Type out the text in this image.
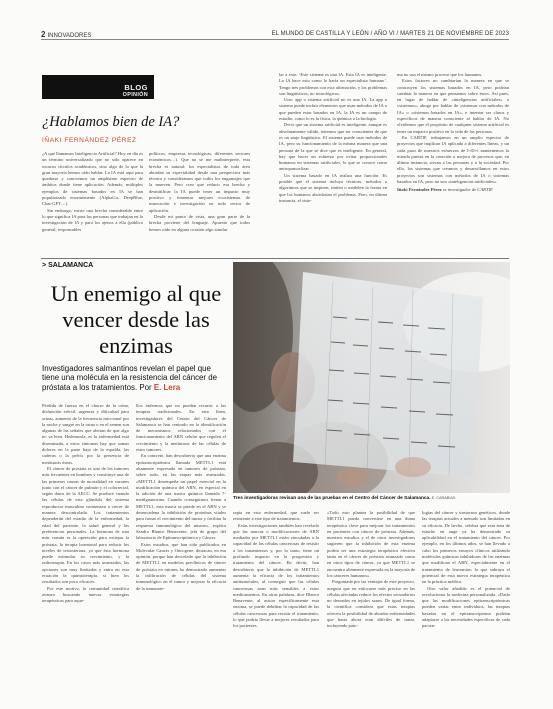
2 INNOVADORES	EL MUNDO DE CASTILLA Y LEÓN / AÑO VI / MARTES 21 DE NOVIEMBRE DE 2023
BLOG
OPINIÓN
¿Hablamos bien de IA?
IÑAKI FERNÁNDEZ PÉREZ

¿A qué llamamos Inteligencia Artificial? Hoy en día es un término universalizado que no sólo aparece en oscuros círculos académicos, sino algo de lo que la gran mayoría hemos oído hablar. La IA está aquí para quedarse y conocemos un amplísimo espectro de ámbitos donde tiene aplicación. Además, múltiples ejemplos de sistemas basados en IA se han popularizado enormemente (AlphaGo, DeepBlue, Chat-GPT…).

Sin embargo, existe una brecha considerable entre lo que significa IA para las personas que trabajan en la investigación de IA y para los ajenos a ella (público general, responsables

políticos, empresas tecnológicas, diferentes sectores económicos…). Que no se me malinterprete, esta brecha es natural: los especialistas de toda área abordan su especialidad desde una perspectiva más técnica y consideramos que todos los engranajes que la mueven. Pero creo que reducir esa brecha y desmitificar la IA puede tener un impacto muy positivo y fomentar mejores ecosistemas de innovación e investigación en todo sector de aplicación.

Desde mi punto de vista, una gran parte de la brecha proviene del lenguaje. Apuesto que todos hemos oído en alguna ocasión algo similar

lar a esto: ‘Este sistema es una IA. Esta IA es inteligente. La IA hace esto como lo haría un especialista humano’. Tengo tres problemas con esta afirmación, y los problemas son lingüísticos, no tecnológicos.

Uno: app o sistema artificial no es una IA. La app o sistema puede incluir elementos que usan métodos de IA o que pueden estar basados en IA, la IA es un campo de estudio, como lo es la física, la química o la biología.

Decir que un sistema artificial es inteligente, aunque es absolutamente válido, tenemos que ser conscientes de que es un atajo lingüístico. El sistema puede usar métodos de IA, pero su funcionamiento de la misma manera que una persona de la que se dice que es inteligente. En general, hay que hacer un esfuerzo por evitar proporcionales humanos en sistemas artificiales, lo que se conoce como antropomorfizar.

Un sistema basado en IA realiza una función. Es posible que el sistema incluya técnicas, métodos o algoritmos que se inspiren, imiten o modelen la forma en que los humanos abordarían el problema. Pero, en última instancia, el siste-

ma no usa el mismo proceso que los humanos.

Estos factores no cambiarían la manera en que se construyen los sistemas basados en IA, pero podrían cambiar la manera en que pensamos sobre éstos. Así pues, en lugar de hablar de «inteligencias artificiales» o «sistemas», abogo por hablar de «sistemas con métodos de IA» o «sistemas basados en IA», e intentar ser claros y específicos de manera consciente al hablar de IA. No olvidemos que el propósito de cualquier sistema artificial es tener un impacto positivo en la vida de las personas.

En CARTIF, trabajamos en un amplio espectro de proyectos que implican IA aplicada a diferentes líneas, y un cada paso de nuestros esfuerzos de I+D+i mantenemos la mirada puesta en la creación o mejora de procesos que, en última instancia, sirvan a las personas y a la sociedad. Por ello, los sistemas que creamos y desarrollamos en estos proyectos son sistemas con métodos de IA o sistemas basados en IA, pero no son «inteligencias artificiales».

Iñaki Fernández Pérez es investigador de CARTIF.

> SALAMANCA
Un enemigo al que vencer desde las enzimas
Investigadores salmantinos revelan el papel que tiene una molécula en la resistencia del cáncer de próstata a los tratamientos. Por E. Lera
Tres investigadoras revisan una de las pruebas en el Centro del Cáncer de Salamanca. E. CARABIAS

Pérdida de fuerza en el chorro de la orina, disfunción eréctil, urgencia y dificultad para orinar, aumento de la frecuencia miccional por la noche y sangre en la orina o en el semen son algunas de las señales que alertan de que algo no va bien. Hedemosla, es la enfermedad está diseminada, a estos síntomas hay que sumar dolores en la parte baja de la espalda, las caderas o la pelvis por la presencia de metástasis óseas.

El cáncer de próstata es uno de los tumores más frecuentes en hombres y constituye una de las primeras causas de mortalidad en varones junto con el cáncer de pulmón y el colorrectal, según datos de la AECC. Se produce cuando las células de esta glándula del sistema reproductor masculino comienzan a crecer de manera descontrolada. Los tratamientos dependerán del estadio de la enfermedad, la edad del paciente, la salud general y las preferencias personales. La hormona de ruta más común es la operación para extirpar la próstata, la terapia hormonal para reducir los niveles de testosterona, ya que ésta hormona puede estimular su crecimiento, y la radioterapia. En los casos más avanzados, las opciones son muy limitadas y entra en esta ecuación la quimioterapia, si bien los resultados son poco eficaces.

Por este motivo, la comunidad científica avanza buscando nuevas estrategias terapéuticas para aque-

llos enfermos que no pueden recurrir a las terapias tradicionales. En esta línea, investigadores del Centro del Cáncer de Salamanca se han centrado en la identificación de mecanismos relacionados con el funcionamiento del ARN celular que regulen el crecimiento y la metástasis de las células de estos tumores.

En concreto, han descubierto que una enzima epitranscriptómica llamada METTL1 está altamente expresada en tumores de próstata, sobre todo, en las etapas más avanzadas. «METTL1 desempeña un papel esencial en la modificación química del ARN, en especial en la adición de una marca química llamada 7-metilguanosina. Cuando conseguimos frenar a METTL1, esta marca se pierde en el ARN y se desencadena la inhibición de proteínas vitales para frenar el crecimiento del tumor y facilitar la respuesta inmunológica del mismo», explica Sandra Blanco Benavente, jefa de grupo del laboratorio de Epitranscriptómica y Cáncer.

Estos estudios, que han sido publicados en Molecular Cancer y Oncogene, destacan, en esa opinión, porque han desvelado que la inhibición de METTL1 en modelos preclínicos de cáncer de próstata en ratones ha demostrado aumentar la infiltración de células del sistema inmunológico en el tumor y mejorar la eficacia de la inmunote-

rapia en esta enfermedad, que suele ser resistente a este tipo de tratamientos.

Estas investigaciones también han revelado que las marcas o modificaciones de ARN mediadas por METTL1 están vinculadas a la capacidad de las células cancerosas de resistir a los tratamientos y, por lo tanto, tiene un profundo impacto en la progresión y tratamiento del cáncer. En deciir, han descubierto que la inhibición de METTL1 aumenta la eficacia de los tratamientos antitumorales, al conseguir que las células cancerosas sean más sensibles a estos medicamentos. En otras palabras, dice Blanco Benavente, al actuar específicamente esta enzima, se puede debilitar la capacidad de las células cancerosas para resistir el tratamiento, lo que podría llevar a mejores resultados para los pacientes.

«Todo esto plantea la posibilidad de que METTL1 pueda convertirse en una diana terapéutica clave para mejorar los tratamientos en pacientes con cáncer de próstata. Además, nuestros estudios y el de otros investigadores sugieren que la inhibición de esta enzima podría ser una estrategia terapéutica efectiva tanto en el cáncer de próstata avanzado como en otros tipos de cáncer, ya que METTL1 se encuentra altamente expresada en la mayoría de los cánceres humanos».

Preguntada por las ventajas de este proyecto, asegura que en enfocarse más preciso en las células afectadas reduce los efectos secundarios no deseados en tejidos sanos. De igual forma, la científica considera que estas terapias ofrecen la posibilidad de abordar enfermedades que hasta ahora eran difíciles de tratar, incluyendo pato-

logías del cáncer y trastornos genéticos, donde las terapias actuales a menudo son limitadas en su eficacia. De hecho, celebra que esta área de estudio en auge ya ha demostrado su aplicabilidad en el tratamiento del cáncer. Por ejemplo, en los últimos años, se han llevado a cabo los primeros ensayos clínicos utilizando moléculas químicas inhibidoras de las enzimas que modifican el ARN, especialmente en el tratamiento de leucemias; lo que subraya el potencial de esta nueva estrategia terapéutica en la práctica médica.

Otro valor añadido es el potencial de revolucionar la medicina personalizada. «Dado que las modificaciones epitranscriptómicas pueden variar entre individuos, las terapias basadas en el epitranscriptoma podrían adaptarse a las necesidades específicas de cada pacien-
